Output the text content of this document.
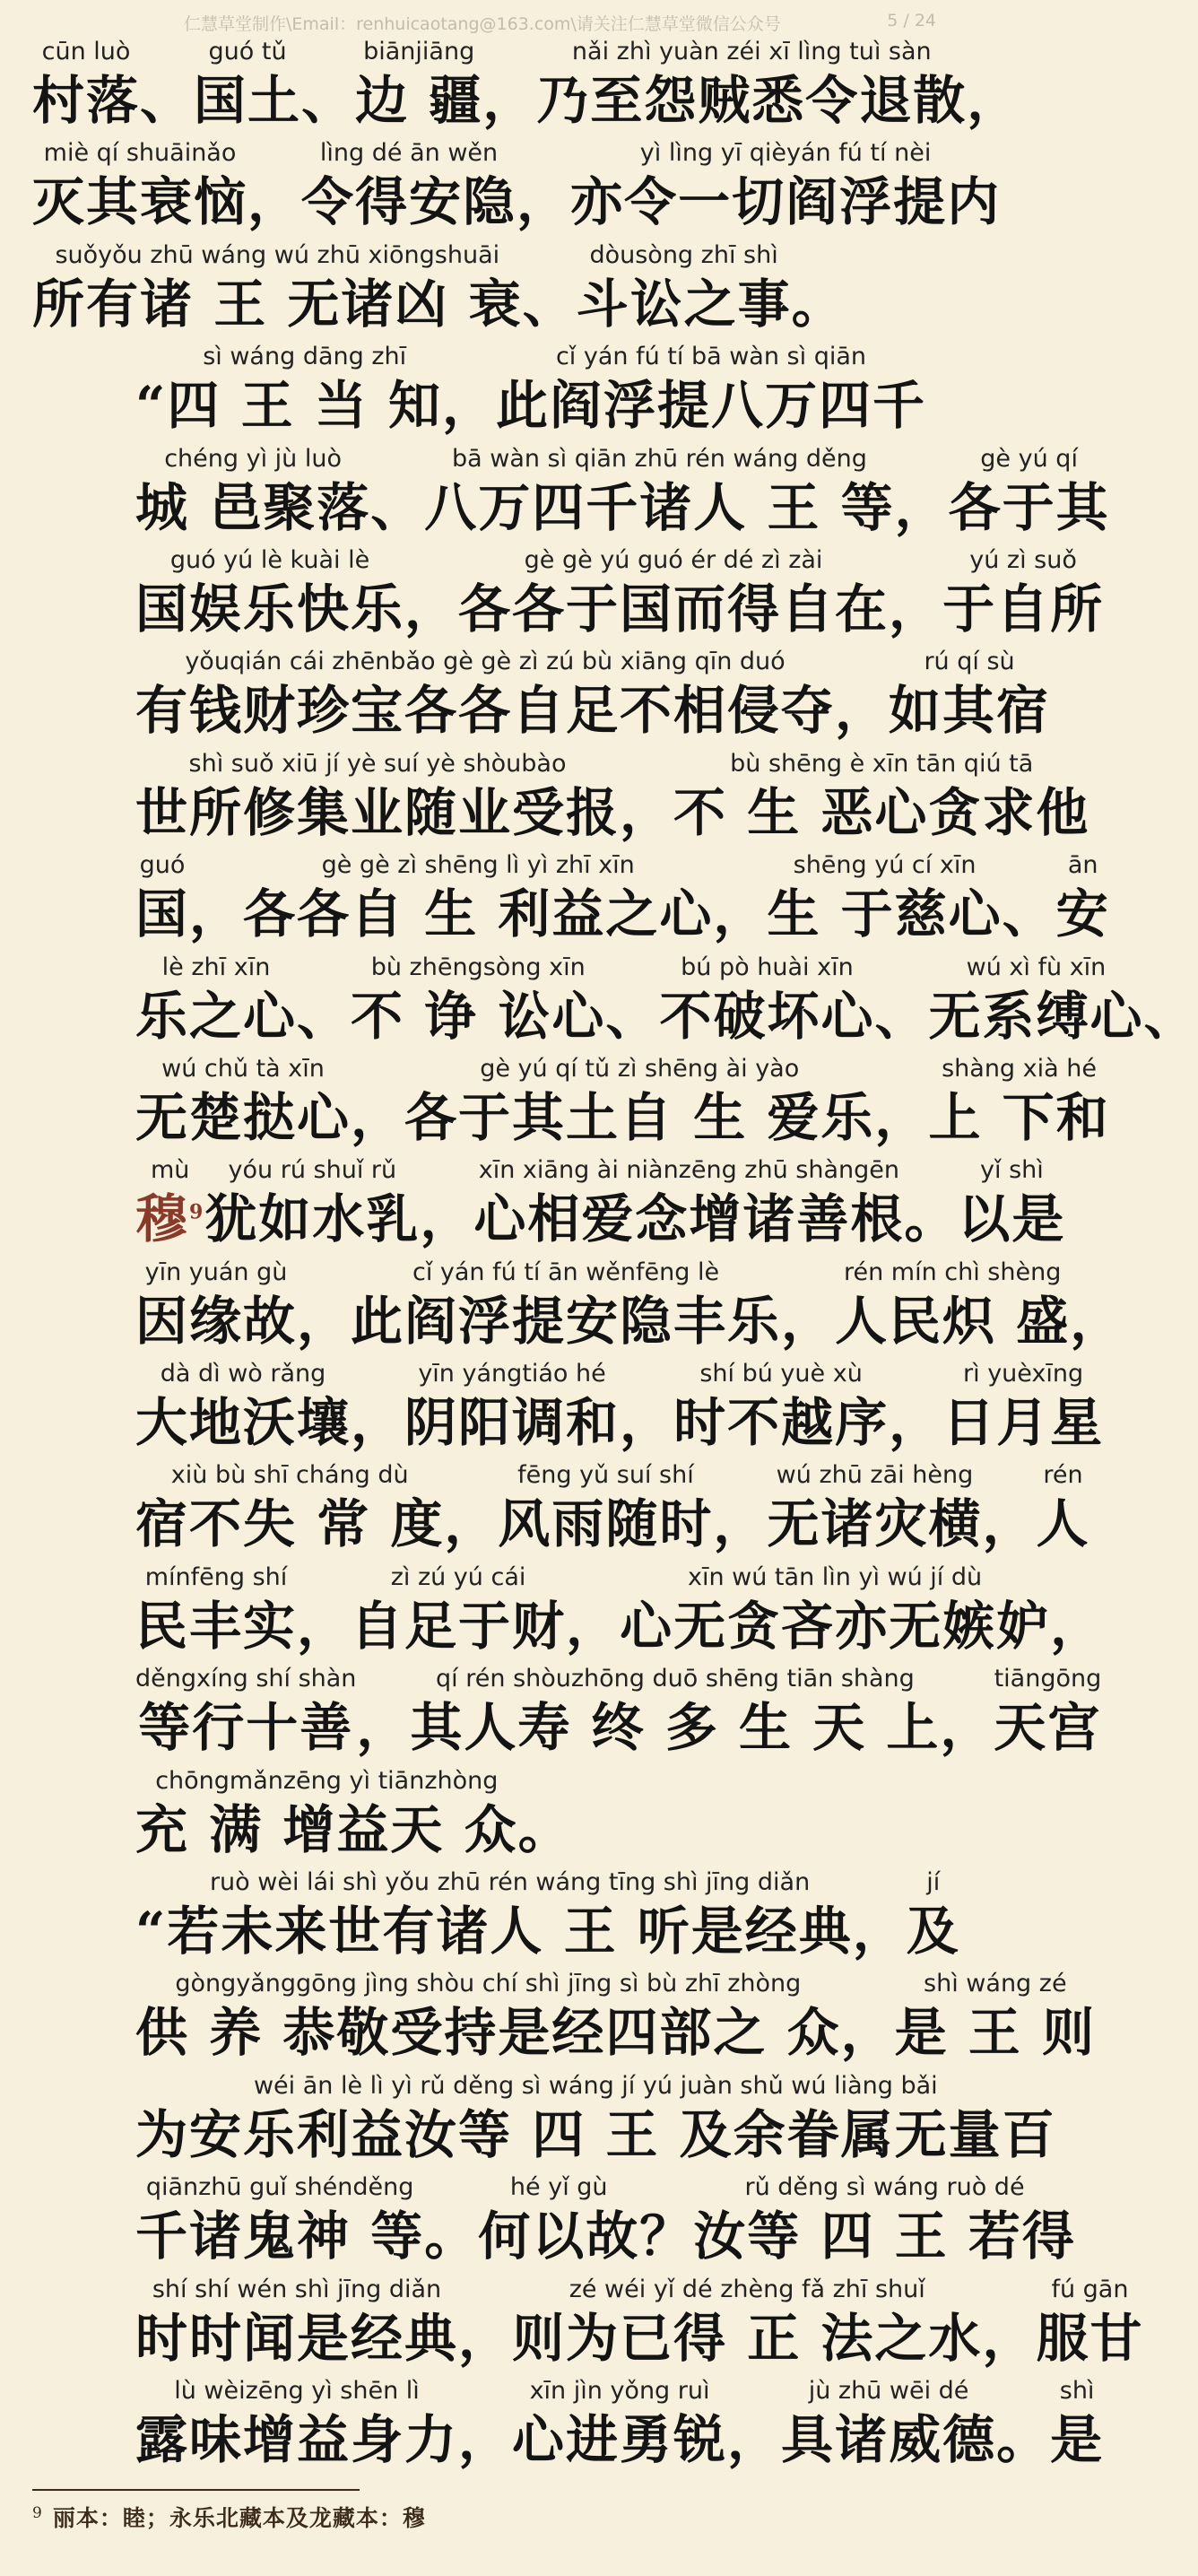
仁慧草堂制作\Email：renhuicaotang@163.com\请关注仁慧草堂微信公众号	5 / 24
cūn luò
村落
、
guó tǔ
国土
、
biānjiāng
边 疆
，
nǎi zhì yuàn zéi xī lìng tuì sàn
乃至怨贼悉令退散
，
miè qí shuāinǎo
灭其衰恼
，
lìng dé ān wěn
令得安隐
，
yì lìng yī qièyán fú tí nèi
亦令一切阎浮提内
suǒyǒu zhū wáng wú zhū xiōngshuāi
所有诸 王 无诸凶 衰
、
dòusòng zhī shì
斗讼之事
。

“
sì wáng dāng zhī
四 王 当 知
，
cǐ yán fú tí bā wàn sì qiān
此阎浮提八万四千
chéng yì jù luò
城 邑聚落
、
bā wàn sì qiān zhū rén wáng děng
八万四千诸人 王 等
，
gè yú qí
各于其
guó yú lè kuài lè
国娱乐快乐
，
gè gè yú guó ér dé zì zài
各各于国而得自在
，
yú zì suǒ
于自所
yǒuqián cái zhēnbǎo gè gè zì zú bù xiāng qīn duó
有钱财珍宝各各自足不相侵夺
，
rú qí sù
如其宿
shì suǒ xiū jí yè suí yè shòubào
世所修集业随业受报
，
bù shēng è xīn tān qiú tā
不 生 恶心贪求他
guó
国
，
gè gè zì shēng lì yì zhī xīn
各各自 生 利益之心
，
shēng yú cí xīn
生 于慈心
、
ān
安
lè zhī xīn
乐之心
、
bù zhēngsòng xīn
不 诤 讼心
、
bú pò huài xīn
不破坏心
、
wú xì fù xīn
无系缚心
、
wú chǔ tà xīn
无楚挞心
，
gè yú qí tǔ zì shēng ài yào
各于其土自 生 爱乐
，
shàng xià hé
上 下和
mù
穆$^9$
yóu rú shuǐ rǔ
犹如水乳
，
xīn xiāng ài niànzēng zhū shàngēn
心相爱念增诸善根
。
yǐ shì
以是
yīn yuán gù
因缘故
，
cǐ yán fú tí ān wěnfēng lè
此阎浮提安隐丰乐
，
rén mín chì shèng
人民炽 盛
，
dà dì wò rǎng
大地沃壤
，
yīn yángtiáo hé
阴阳调和
，
shí bú yuè xù
时不越序
，
rì yuèxīng
日月星
xiù bù shī cháng dù
宿不失 常 度
，
fēng yǔ suí shí
风雨随时
，
wú zhū zāi hèng
无诸灾横
，
rén
人
mínfēng shí
民丰实
，
zì zú yú cái
自足于财
，
xīn wú tān lìn yì wú jí dù
心无贪吝亦无嫉妒
，
děngxíng shí shàn
等行十善
，
qí rén shòuzhōng duō shēng tiān shàng
其人寿 终 多 生 天 上
，
tiāngōng
天宫
chōngmǎnzēng yì tiānzhòng
充 满 增益天 众
。

“
ruò wèi lái shì yǒu zhū rén wáng tīng shì jīng diǎn
若未来世有诸人 王 听是经典
，
jí
及
gòngyǎnggōng jìng shòu chí shì jīng sì bù zhī zhòng
供 养 恭敬受持是经四部之 众
，
shì wáng zé
是 王 则
wéi ān lè lì yì rǔ děng sì wáng jí yú juàn shǔ wú liàng bǎi
为安乐利益汝等 四 王 及余眷属无量百
qiānzhū guǐ shénděng
千诸鬼神 等
。
hé yǐ gù
何以故
？
rǔ děng sì wáng ruò dé
汝等 四 王 若得
shí shí wén shì jīng diǎn
时时闻是经典
，
zé wéi yǐ dé zhèng fǎ zhī shuǐ
则为已得 正 法之水
，
fú gān
服甘
lù wèizēng yì shēn lì
露味增益身力
，
xīn jìn yǒng ruì
心进勇锐
，
jù zhū wēi dé
具诸威德
。
shì
是
$^9$ 丽本：睦；永乐北藏本及龙藏本：穆
